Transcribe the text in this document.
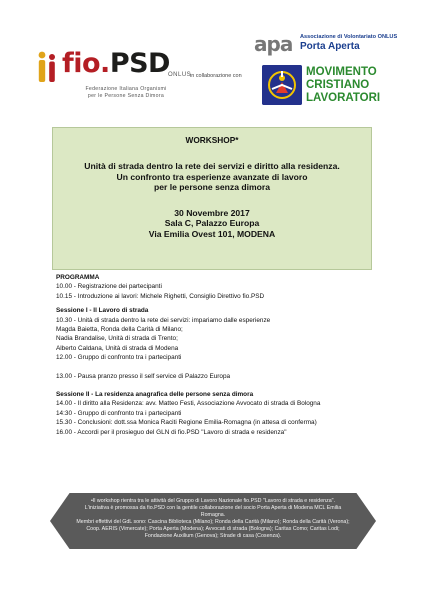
fio.PSD
ONLUS
Federazione Italiana Organismi
per le Persone Senza Dimora
in collaborazione con
apa Associazione di Volontariato ONLUS
Porta Aperta
MOVIMENTO
CRISTIANO
LAVORATORI
WORKSHOP*
Unità di strada dentro la rete dei servizi e diritto alla residenza.
Un confronto tra esperienze avanzate di lavoro
per le persone senza dimora
30 Novembre 2017
Sala C, Palazzo Europa
Via Emilia Ovest 101, MODENA
PROGRAMMA
10.00 - Registrazione dei partecipanti
10.15 - Introduzione ai lavori: Michele Righetti, Consiglio Direttivo fio.PSD
Sessione I - Il Lavoro di strada
10.30 - Unità di strada dentro la rete dei servizi: impariamo dalle esperienze
Magda Baietta, Ronda della Carità di Milano;
Nadia Brandalise, Unità di strada di Trento;
Alberto Caldana, Unità di strada di Modena
12.00 - Gruppo di confronto tra i partecipanti
13.00 - Pausa pranzo presso il self service di Palazzo Europa
Sessione II - La residenza anagrafica delle persone senza dimora
14.00 - Il diritto alla Residenza: avv. Matteo Festi, Associazione Avvocato di strada di Bologna
14:30 - Gruppo di confronto tra i partecipanti
15.30 - Conclusioni: dott.ssa Monica Raciti Regione Emilia-Romagna (in attesa di conferma)
16.00 - Accordi per il prosieguo del GLN di fio.PSD "Lavoro di strada e residenza"
•Il workshop rientra tra le attività del Gruppo di Lavoro Nazionale fio.PSD "Lavoro di strada e residenza".
L'iniziativa è promossa da fio.PSD con la gentile collaborazione del socio Porta Aperta di Modena MCL Emilia Romagna.
Membri effettivi del GdL sono: Cascina Biblioteca (Milano); Ronda della Carità (Milano); Ronda della Carità (Verona);
Coop. AERIS (Vimercate); Porta Aperta (Modena); Avvocati di strada (Bologna); Caritas Como; Caritas Lodi;
Fondazione Auxilium (Genova); Strade di casa (Cosenza).
